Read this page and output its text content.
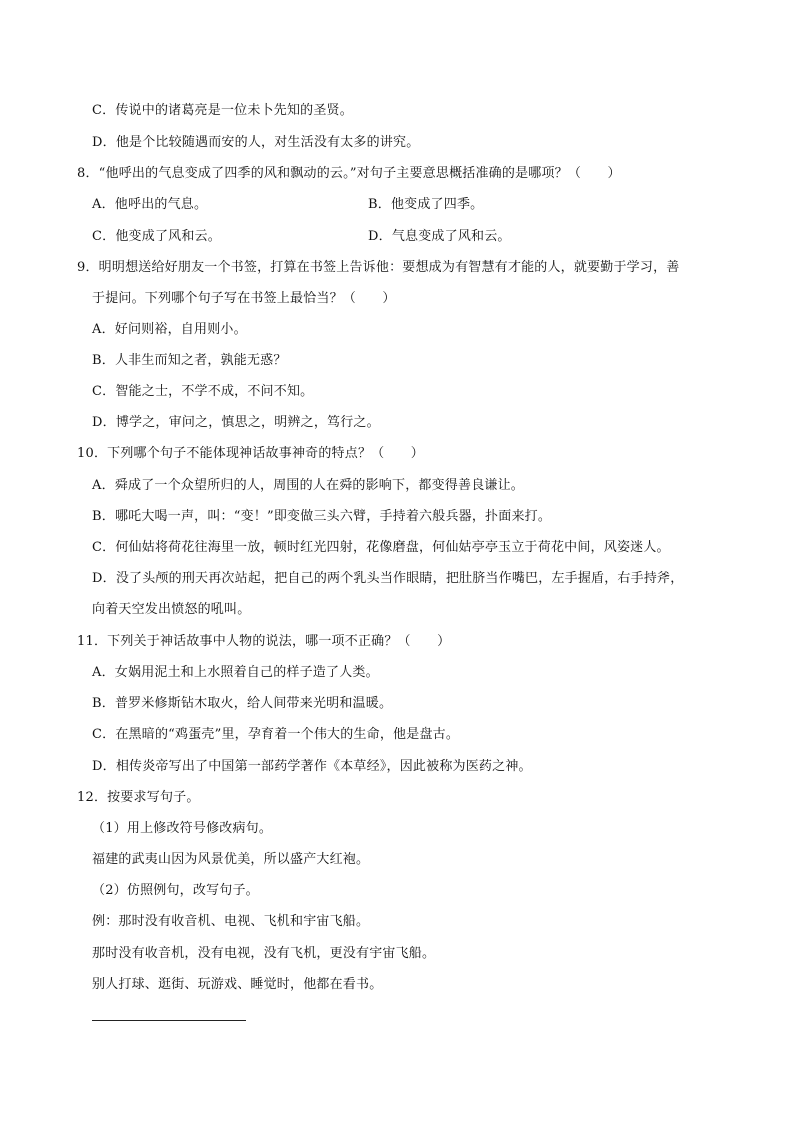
C．传说中的诸葛亮是一位未卜先知的圣贤。
D．他是个比较随遇而安的人，对生活没有太多的讲究。
8．“他呼出的气息变成了四季的风和飘动的云。”对句子主要意思概括准确的是哪项？（　　）
A．他呼出的气息。	B．他变成了四季。
C．他变成了风和云。	D．气息变成了风和云。
9．明明想送给好朋友一个书签，打算在书签上告诉他：要想成为有智慧有才能的人，就要勤于学习，善
于提问。下列哪个句子写在书签上最恰当？（　　）
A．好问则裕，自用则小。
B．人非生而知之者，孰能无惑？
C．智能之士，不学不成，不问不知。
D．博学之，审问之，慎思之，明辨之，笃行之。
10．下列哪个句子不能体现神话故事神奇的特点？（　　）
A．舜成了一个众望所归的人，周围的人在舜的影响下，都变得善良谦让。
B．哪吒大喝一声，叫：“变！”即变做三头六臂，手持着六般兵器，扑面来打。
C．何仙姑将荷花往海里一放，顿时红光四射，花像磨盘，何仙姑亭亭玉立于荷花中间，风姿迷人。
D．没了头颅的刑天再次站起，把自己的两个乳头当作眼睛，把肚脐当作嘴巴，左手握盾，右手持斧，
向着天空发出愤怒的吼叫。
11．下列关于神话故事中人物的说法，哪一项不正确？（　　）
A．女娲用泥土和上水照着自己的样子造了人类。
B．普罗米修斯钻木取火，给人间带来光明和温暖。
C．在黑暗的“鸡蛋壳”里，孕育着一个伟大的生命，他是盘古。
D．相传炎帝写出了中国第一部药学著作《本草经》，因此被称为医药之神。
12．按要求写句子。
（1）用上修改符号修改病句。
福建的武夷山因为风景优美，所以盛产大红袍。
（2）仿照例句，改写句子。
例：那时没有收音机、电视、飞机和宇宙飞船。
那时没有收音机，没有电视，没有飞机，更没有宇宙飞船。
别人打球、逛街、玩游戏、睡觉时，他都在看书。
